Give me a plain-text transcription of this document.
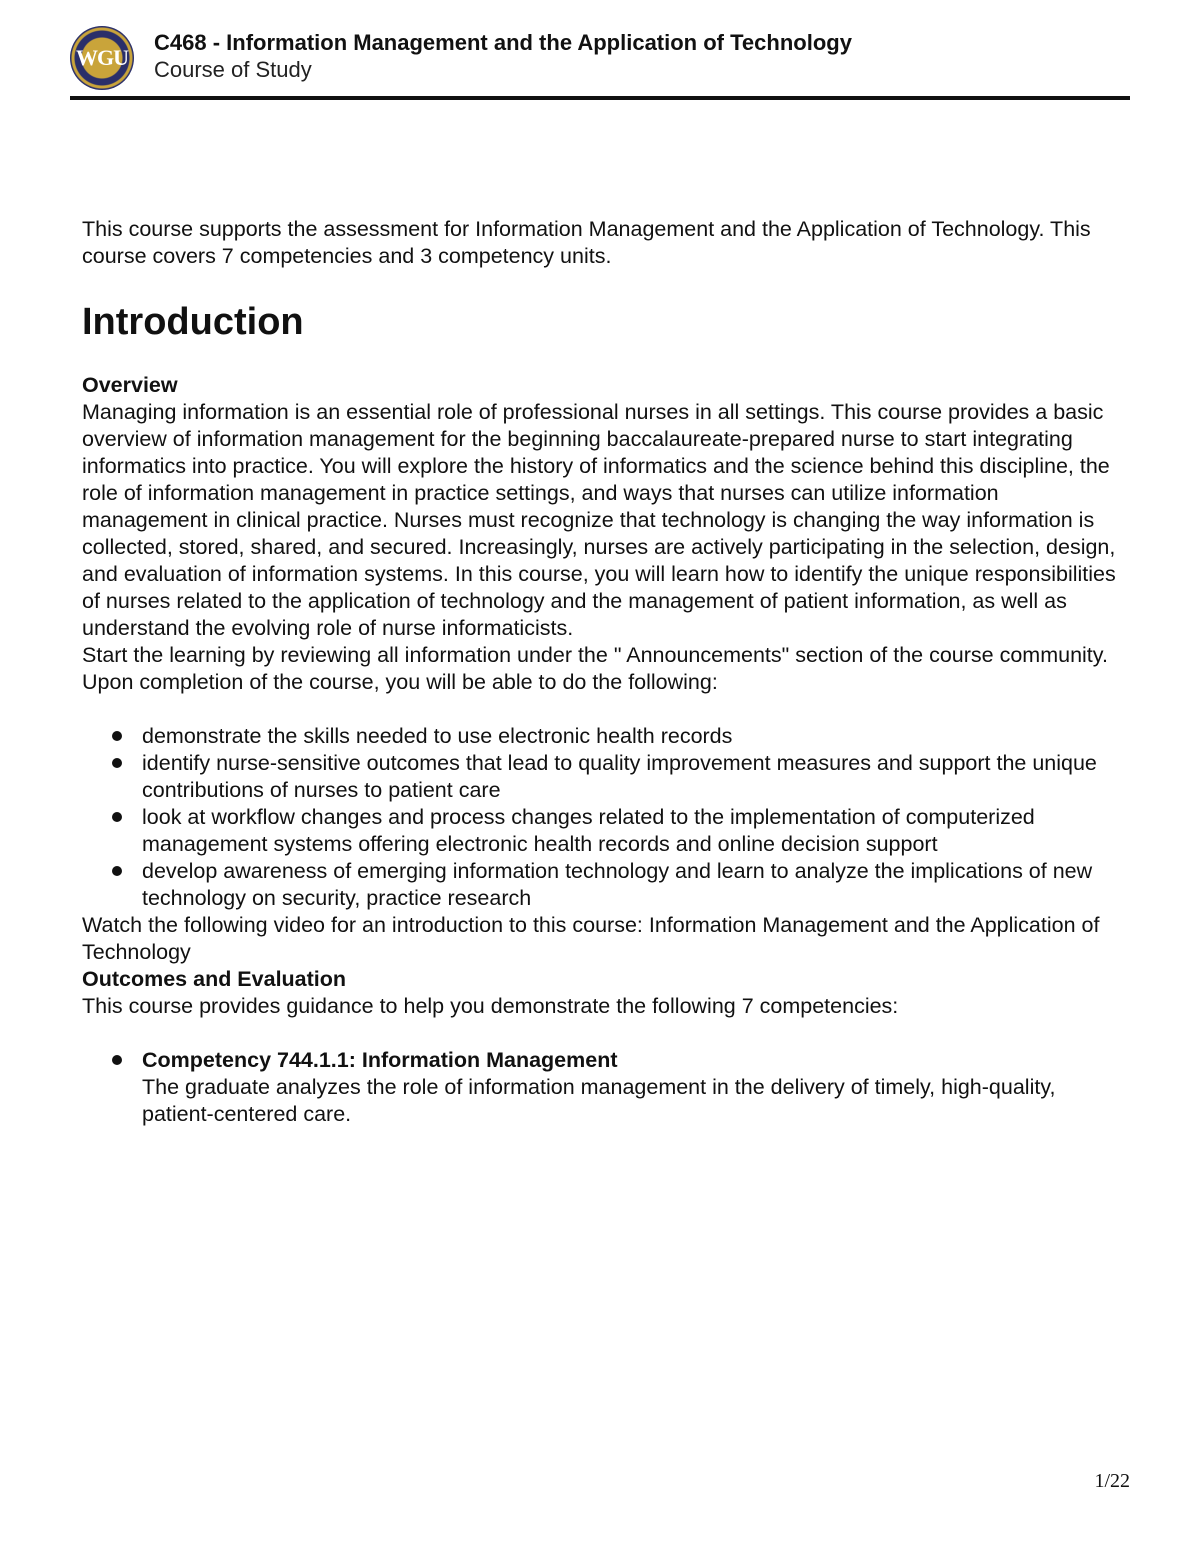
WGU
C468 - Information Management and the Application of Technology
Course of Study

This course supports the assessment for Information Management and the Application of Technology. This course covers 7 competencies and 3 competency units.

Introduction

Overview

Managing information is an essential role of professional nurses in all settings. This course provides a basic overview of information management for the beginning baccalaureate-prepared nurse to start integrating informatics into practice. You will explore the history of informatics and the science behind this discipline, the role of information management in practice settings, and ways that nurses can utilize information management in clinical practice. Nurses must recognize that technology is changing the way information is collected, stored, shared, and secured. Increasingly, nurses are actively participating in the selection, design, and evaluation of information systems. In this course, you will learn how to identify the unique responsibilities of nurses related to the application of technology and the management of patient information, as well as understand the evolving role of nurse informaticists.

Start the learning by reviewing all information under the " Announcements" section of the course community.

Upon completion of the course, you will be able to do the following:

demonstrate the skills needed to use electronic health records
identify nurse-sensitive outcomes that lead to quality improvement measures and support the unique contributions of nurses to patient care
look at workflow changes and process changes related to the implementation of computerized management systems offering electronic health records and online decision support
develop awareness of emerging information technology and learn to analyze the implications of new technology on security, practice research

Watch the following video for an introduction to this course: Information Management and the Application of Technology

Outcomes and Evaluation

This course provides guidance to help you demonstrate the following 7 competencies:

Competency 744.1.1: Information Management
The graduate analyzes the role of information management in the delivery of timely, high-quality, patient-centered care.
1/22
